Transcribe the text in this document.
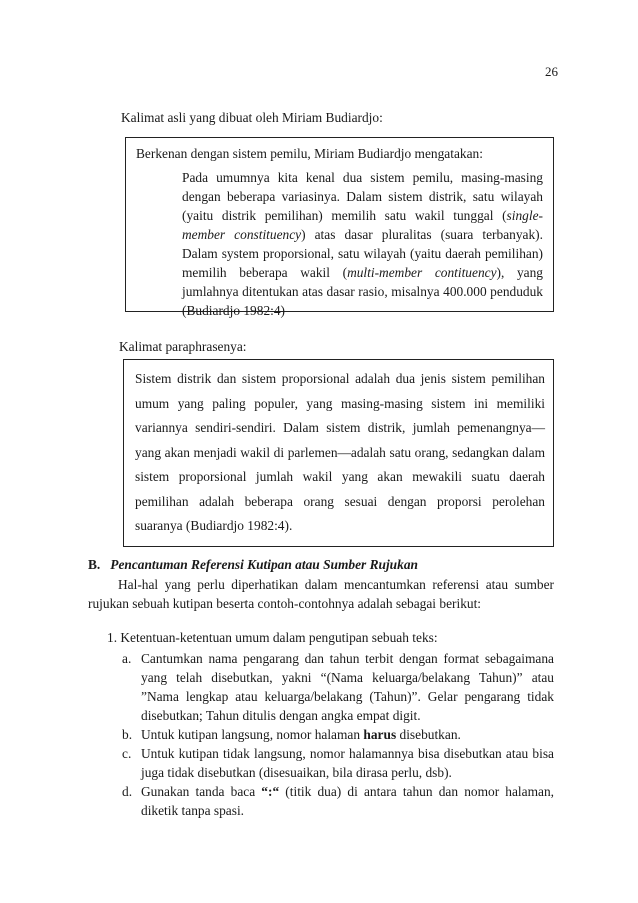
26
Kalimat asli yang dibuat oleh Miriam Budiardjo:

Berkenan dengan sistem pemilu, Miriam Budiardjo mengatakan:

Pada umumnya kita kenal dua sistem pemilu, masing-masing dengan beberapa variasinya. Dalam sistem distrik, satu wilayah (yaitu distrik pemilihan) memilih satu wakil tunggal (single-member constituency) atas dasar pluralitas (suara terbanyak). Dalam system proporsional, satu wilayah (yaitu daerah pemilihan) memilih beberapa wakil (multi-member contituency), yang jumlahnya ditentukan atas dasar rasio, misalnya 400.000 penduduk (Budiardjo 1982:4)

Kalimat paraphrasenya:

Sistem distrik dan sistem proporsional adalah dua jenis sistem pemilihan umum yang paling populer, yang masing-masing sistem ini memiliki variannya sendiri-sendiri. Dalam sistem distrik, jumlah pemenangnya—yang akan menjadi wakil di parlemen—adalah satu orang, sedangkan dalam sistem proporsional jumlah wakil yang akan mewakili suatu daerah pemilihan adalah beberapa orang sesuai dengan proporsi perolehan suaranya (Budiardjo 1982:4).

B. Pencantuman Referensi Kutipan atau Sumber Rujukan

Hal-hal yang perlu diperhatikan dalam mencantumkan referensi atau sumber rujukan sebuah kutipan beserta contoh-contohnya adalah sebagai berikut:

1. Ketentuan-ketentuan umum dalam pengutipan sebuah teks:

a. Cantumkan nama pengarang dan tahun terbit dengan format sebagaimana yang telah disebutkan, yakni “(Nama keluarga/belakang Tahun)” atau ”Nama lengkap atau keluarga/belakang (Tahun)”. Gelar pengarang tidak disebutkan; Tahun ditulis dengan angka empat digit.

b. Untuk kutipan langsung, nomor halaman harus disebutkan.

c. Untuk kutipan tidak langsung, nomor halamannya bisa disebutkan atau bisa juga tidak disebutkan (disesuaikan, bila dirasa perlu, dsb).

d. Gunakan tanda baca “:“ (titik dua) di antara tahun dan nomor halaman, diketik tanpa spasi.
